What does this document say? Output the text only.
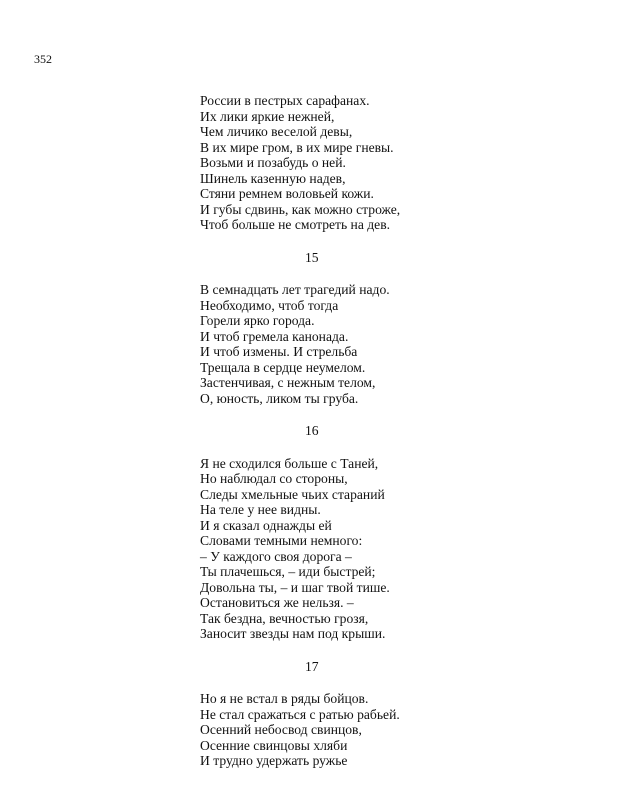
352
России в пестрых сарафанах.
Их лики яркие нежней,
Чем личико веселой девы,
В их мире гром, в их мире гневы.
Возьми и позабудь о ней.
Шинель казенную надев,
Стяни ремнем воловьей кожи.
И губы сдвинь, как можно строже,
Чтоб больше не смотреть на дев.
15
В семнадцать лет трагедий надо.
Необходимо, чтоб тогда
Горели ярко города.
И чтоб гремела канонада.
И чтоб измены. И стрельба
Трещала в сердце неумелом.
Застенчивая, с нежным телом,
О, юность, ликом ты груба.
16
Я не сходился больше с Таней,
Но наблюдал со стороны,
Следы хмельные чьих стараний
На теле у нее видны.
И я сказал однажды ей
Словами темными немного:
– У каждого своя дорога –
Ты плачешься, – иди быстрей;
Довольна ты, – и шаг твой тише.
Остановиться же нельзя. –
Так бездна, вечностью грозя,
Заносит звезды нам под крыши.
17
Но я не встал в ряды бойцов.
Не стал сражаться с ратью рабьей.
Осенний небосвод свинцов,
Осенние свинцовы хляби
И трудно удержать ружье
